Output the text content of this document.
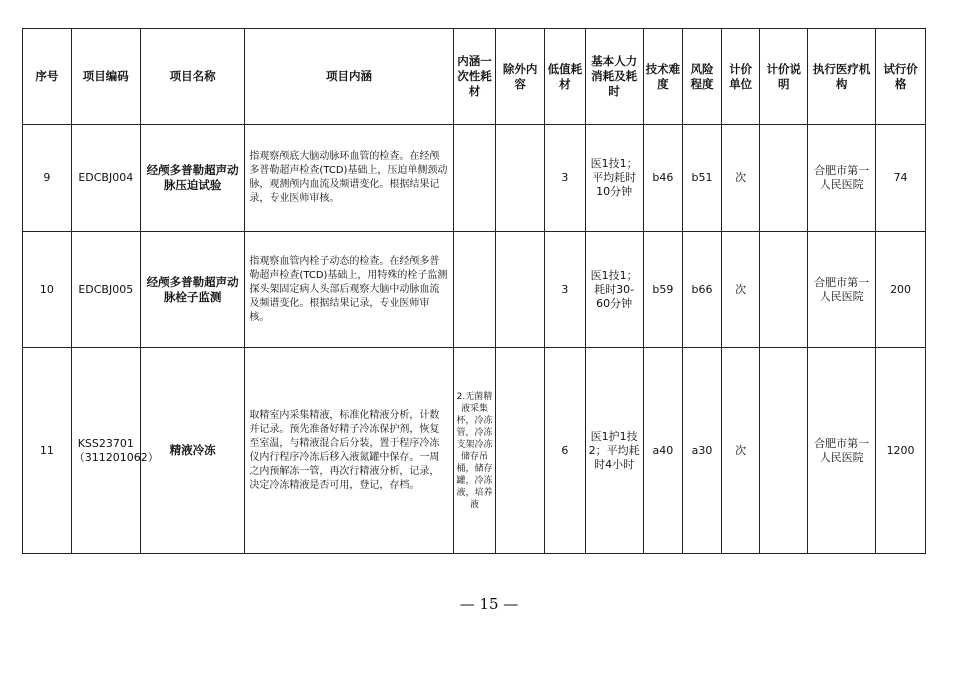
序号	项目编码	项目名称	项目内涵	内涵一次性耗材	除外内容	低值耗材	基本人力消耗及耗时	技术难度	风险程度	计价单位	计价说明	执行医疗机构	试行价格
9	EDCBJ004	经颅多普勒超声动脉压迫试验	指观察颅底大脑动脉环血管的检查。在经颅多普勒超声检查(TCD)基础上，压迫单侧颈动脉，观测颅内血流及频谱变化。根据结果记录，专业医师审核。			3	医1技1；平均耗时10分钟	b46	b51	次		合肥市第一人民医院	74
10	EDCBJ005	经颅多普勒超声动脉栓子监测	指观察血管内栓子动态的检查。在经颅多普勒超声检查(TCD)基础上，用特殊的栓子监测探头架固定病人头部后观察大脑中动脉血流及频谱变化。根据结果记录，专业医师审核。			3	医1技1；耗时30-60分钟	b59	b66	次		合肥市第一人民医院	200
11	KSS23701（311201062）	精液冷冻	取精室内采集精液，标准化精液分析，计数并记录。预先准备好精子冷冻保护剂，恢复至室温，与精液混合后分装，置于程序冷冻仪内行程序冷冻后移入液氮罐中保存。一周之内预解冻一管，再次行精液分析，记录，决定冷冻精液是否可用，登记，存档。	2.无菌精液采集杯，冷冻管，冷冻支架冷冻储存吊桶，储存罐，冷冻液，培养液		6	医1护1技2；平均耗时4小时	a40	a30	次		合肥市第一人民医院	1200
— 15 —
